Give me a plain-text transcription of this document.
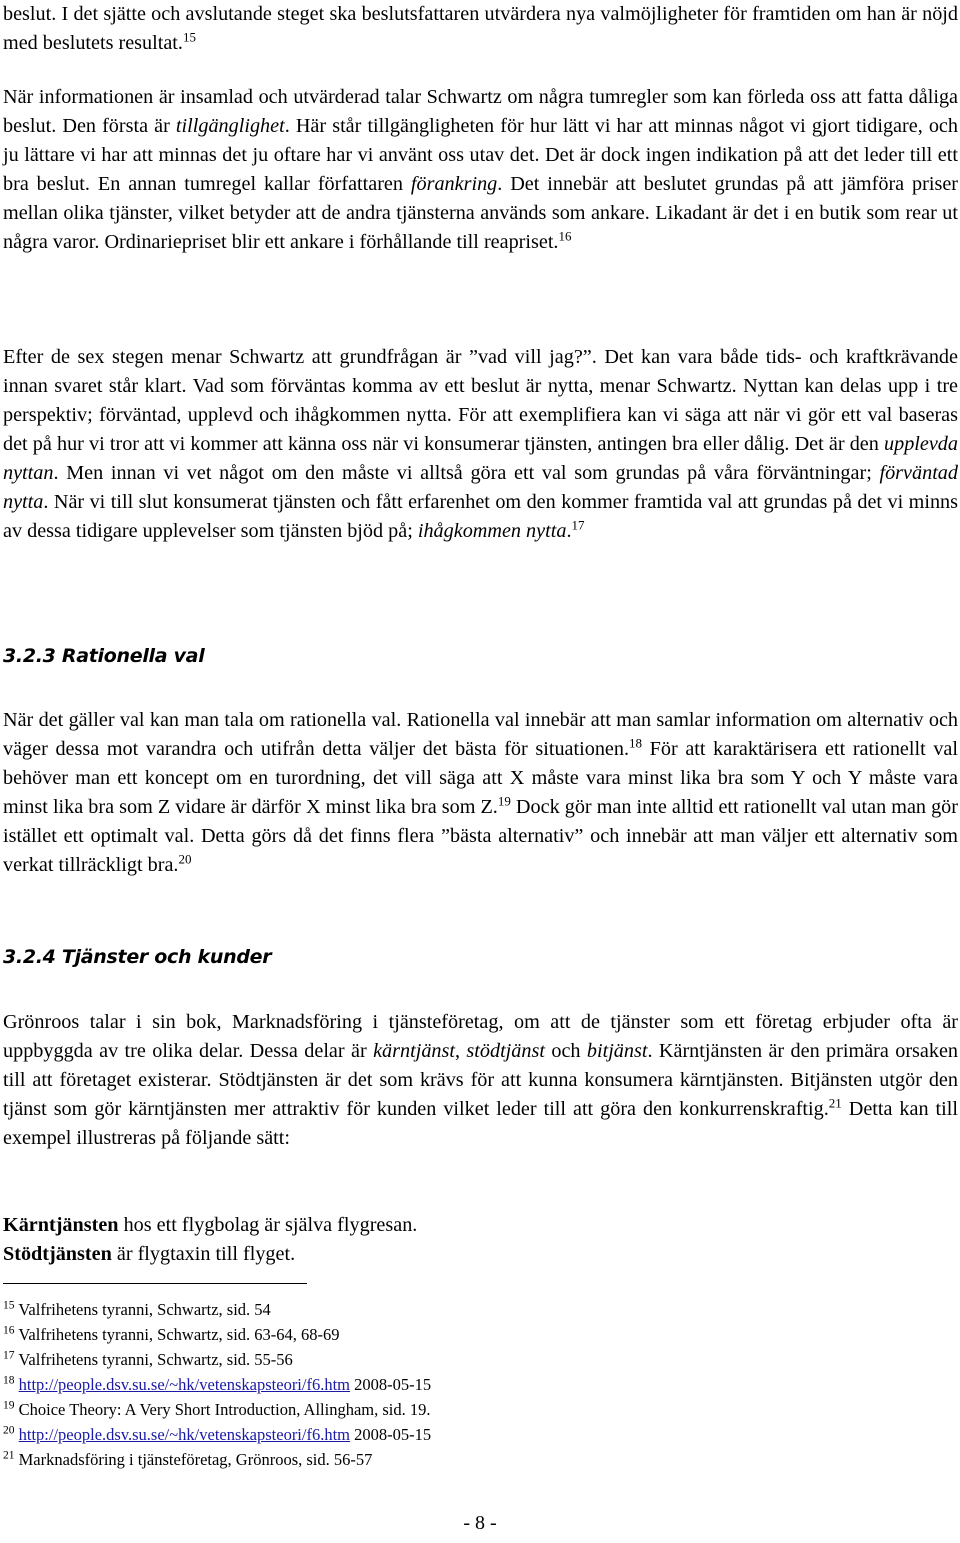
beslut. I det sjätte och avslutande steget ska beslutsfattaren utvärdera nya valmöjligheter för framtiden om han är nöjd med beslutets resultat.$^{15}$

När informationen är insamlad och utvärderad talar Schwartz om några tumregler som kan förleda oss att fatta dåliga beslut. Den första är tillgänglighet. Här står tillgängligheten för hur lätt vi har att minnas något vi gjort tidigare, och ju lättare vi har att minnas det ju oftare har vi använt oss utav det. Det är dock ingen indikation på att det leder till ett bra beslut. En annan tumregel kallar författaren förankring. Det innebär att beslutet grundas på att jämföra priser mellan olika tjänster, vilket betyder att de andra tjänsterna används som ankare. Likadant är det i en butik som rear ut några varor. Ordinariepriset blir ett ankare i förhållande till reapriset.$^{16}$

Efter de sex stegen menar Schwartz att grundfrågan är ”vad vill jag?”. Det kan vara både tids- och kraftkrävande innan svaret står klart. Vad som förväntas komma av ett beslut är nytta, menar Schwartz. Nyttan kan delas upp i tre perspektiv; förväntad, upplevd och ihågkommen nytta. För att exemplifiera kan vi säga att när vi gör ett val baseras det på hur vi tror att vi kommer att känna oss när vi konsumerar tjänsten, antingen bra eller dålig. Det är den upplevda nyttan. Men innan vi vet något om den måste vi alltså göra ett val som grundas på våra förväntningar; förväntad nytta. När vi till slut konsumerat tjänsten och fått erfarenhet om den kommer framtida val att grundas på det vi minns av dessa tidigare upplevelser som tjänsten bjöd på; ihågkommen nytta.$^{17}$

3.2.3 Rationella val

När det gäller val kan man tala om rationella val. Rationella val innebär att man samlar information om alternativ och väger dessa mot varandra och utifrån detta väljer det bästa för situationen.$^{18}$ För att karaktärisera ett rationellt val behöver man ett koncept om en turordning, det vill säga att X måste vara minst lika bra som Y och Y måste vara minst lika bra som Z vidare är därför X minst lika bra som Z.$^{19}$ Dock gör man inte alltid ett rationellt val utan man gör istället ett optimalt val. Detta görs då det finns flera ”bästa alternativ” och innebär att man väljer ett alternativ som verkat tillräckligt bra.$^{20}$

3.2.4 Tjänster och kunder

Grönroos talar i sin bok, Marknadsföring i tjänsteföretag, om att de tjänster som ett företag erbjuder ofta är uppbyggda av tre olika delar. Dessa delar är kärntjänst, stödtjänst och bitjänst. Kärntjänsten är den primära orsaken till att företaget existerar. Stödtjänsten är det som krävs för att kunna konsumera kärntjänsten. Bitjänsten utgör den tjänst som gör kärntjänsten mer attraktiv för kunden vilket leder till att göra den konkurrenskraftig.$^{21}$ Detta kan till exempel illustreras på följande sätt:

Kärntjänsten hos ett flygbolag är själva flygresan.

Stödtjänsten är flygtaxin till flyget.

$^{15}$ Valfrihetens tyranni, Schwartz, sid. 54
$^{16}$ Valfrihetens tyranni, Schwartz, sid. 63-64, 68-69
$^{17}$ Valfrihetens tyranni, Schwartz, sid. 55-56
$^{18}$ http://people.dsv.su.se/~hk/vetenskapsteori/f6.htm 2008-05-15
$^{19}$ Choice Theory: A Very Short Introduction, Allingham, sid. 19.
$^{20}$ http://people.dsv.su.se/~hk/vetenskapsteori/f6.htm 2008-05-15
$^{21}$ Marknadsföring i tjänsteföretag, Grönroos, sid. 56-57
- 8 -
